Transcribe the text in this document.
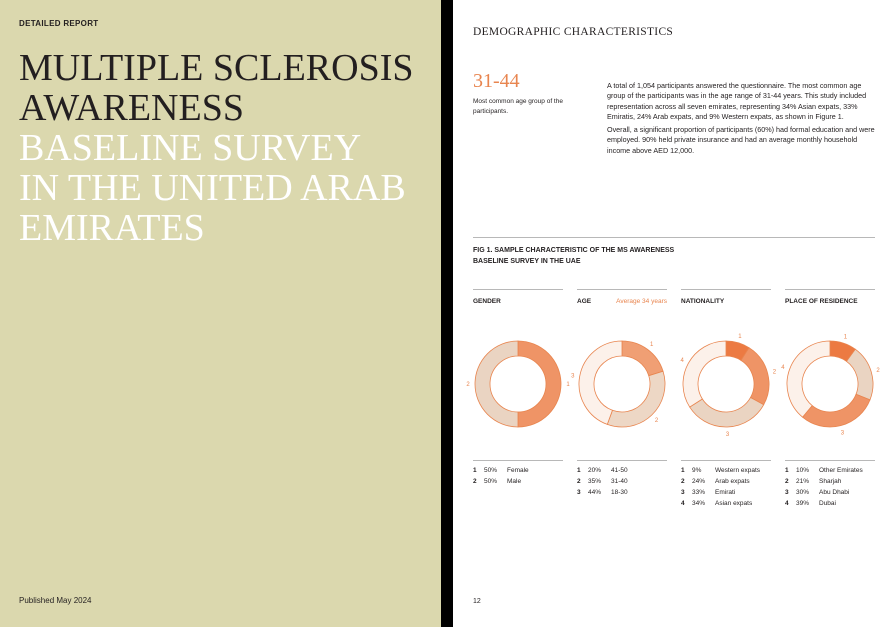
DETAILED REPORT
MULTIPLE SCLEROSIS
AWARENESS
BASELINE SURVEY
IN THE UNITED ARAB
EMIRATES
Published May 2024
DEMOGRAPHIC CHARACTERISTICS
31-44
Most common age group of the participants.

A total of 1,054 participants answered the questionnaire. The most common age group of the participants was in the age range of 31-44 years. This study included representation across all seven emirates, representing 34% Asian expats, 33% Emiratis, 24% Arab expats, and 9% Western expats, as shown in Figure 1.

Overall, a significant proportion of participants (60%) had formal education and were employed. 90% held private insurance and had an average monthly household income above AED 12,000.

FIG 1. SAMPLE CHARACTERISTIC OF THE MS AWARENESS
BASELINE SURVEY IN THE UAE
GENDER
1
2
1 50% Female
2 50% Male
AGE	Average 34 years
1
2
3
1 20% 41-50
2 35% 31-40
3 44% 18-30
NATIONALITY
1
2
3
4
1 9% Western expats
2 24% Arab expats
3 33% Emirati
4 34% Asian expats
PLACE OF RESIDENCE
1
2
3
4
1 10% Other Emirates
2 21% Sharjah
3 30% Abu Dhabi
4 39% Dubai
12
